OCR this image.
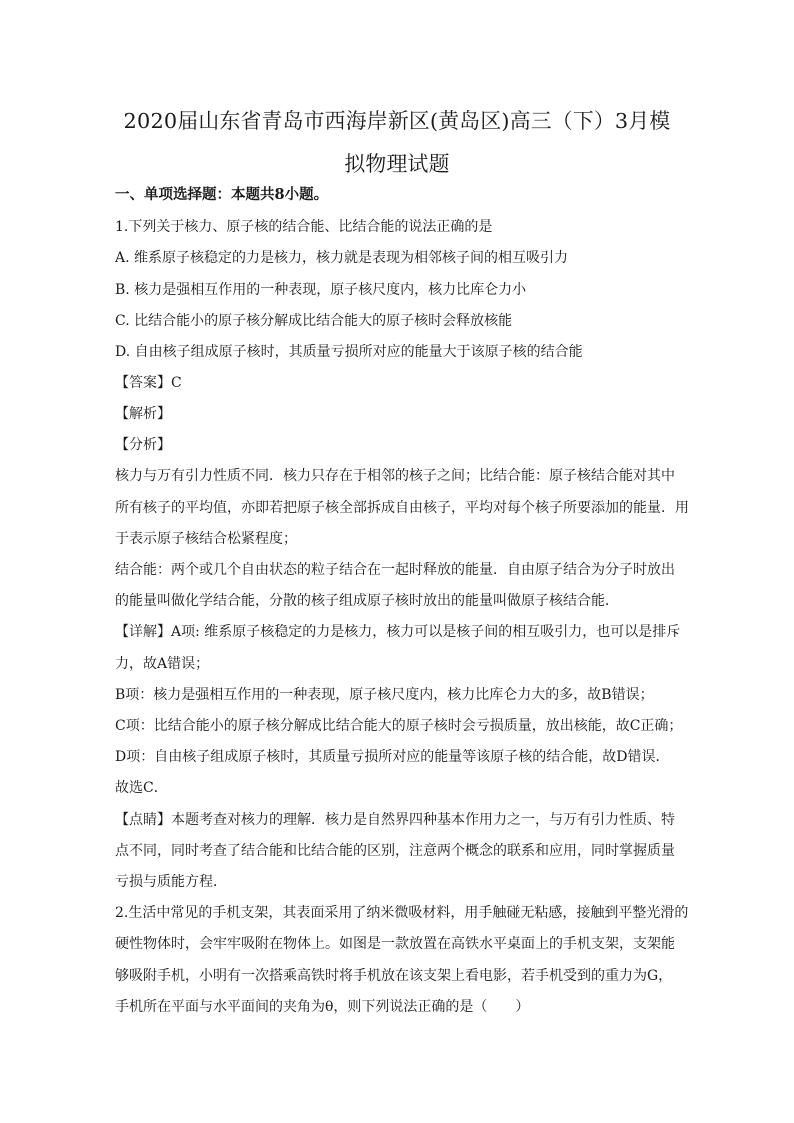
2020届山东省青岛市西海岸新区(黄岛区)高三（下）3月模
拟物理试题
一、单项选择题：本题共8小题。
1.下列关于核力、原子核的结合能、比结合能的说法正确的是
A. 维系原子核稳定的力是核力，核力就是表现为相邻核子间的相互吸引力
B. 核力是强相互作用的一种表现，原子核尺度内，核力比库仑力小
C. 比结合能小的原子核分解成比结合能大的原子核时会释放核能
D. 自由核子组成原子核时，其质量亏损所对应的能量大于该原子核的结合能
【答案】C
【解析】
【分析】
核力与万有引力性质不同．核力只存在于相邻的核子之间；比结合能：原子核结合能对其中
所有核子的平均值，亦即若把原子核全部拆成自由核子，平均对每个核子所要添加的能量．用
于表示原子核结合松紧程度；
结合能：两个或几个自由状态的粒子结合在一起时释放的能量．自由原子结合为分子时放出
的能量叫做化学结合能，分散的核子组成原子核时放出的能量叫做原子核结合能．
【详解】A项: 维系原子核稳定的力是核力，核力可以是核子间的相互吸引力，也可以是排斥
力，故A错误；
B项：核力是强相互作用的一种表现，原子核尺度内，核力比库仑力大的多，故B错误；
C项：比结合能小的原子核分解成比结合能大的原子核时会亏损质量，放出核能，故C正确；
D项：自由核子组成原子核时，其质量亏损所对应的能量等该原子核的结合能，故D错误．
故选C．
【点睛】本题考查对核力的理解．核力是自然界四种基本作用力之一，与万有引力性质、特
点不同，同时考查了结合能和比结合能的区别，注意两个概念的联系和应用，同时掌握质量
亏损与质能方程．
2.生活中常见的手机支架，其表面采用了纳米微吸材料，用手触碰无粘感，接触到平整光滑的
硬性物体时，会牢牢吸附在物体上。如图是一款放置在高铁水平桌面上的手机支架，支架能
够吸附手机，小明有一次搭乘高铁时将手机放在该支架上看电影，若手机受到的重力为G，
手机所在平面与水平面间的夹角为θ，则下列说法正确的是（　　）
